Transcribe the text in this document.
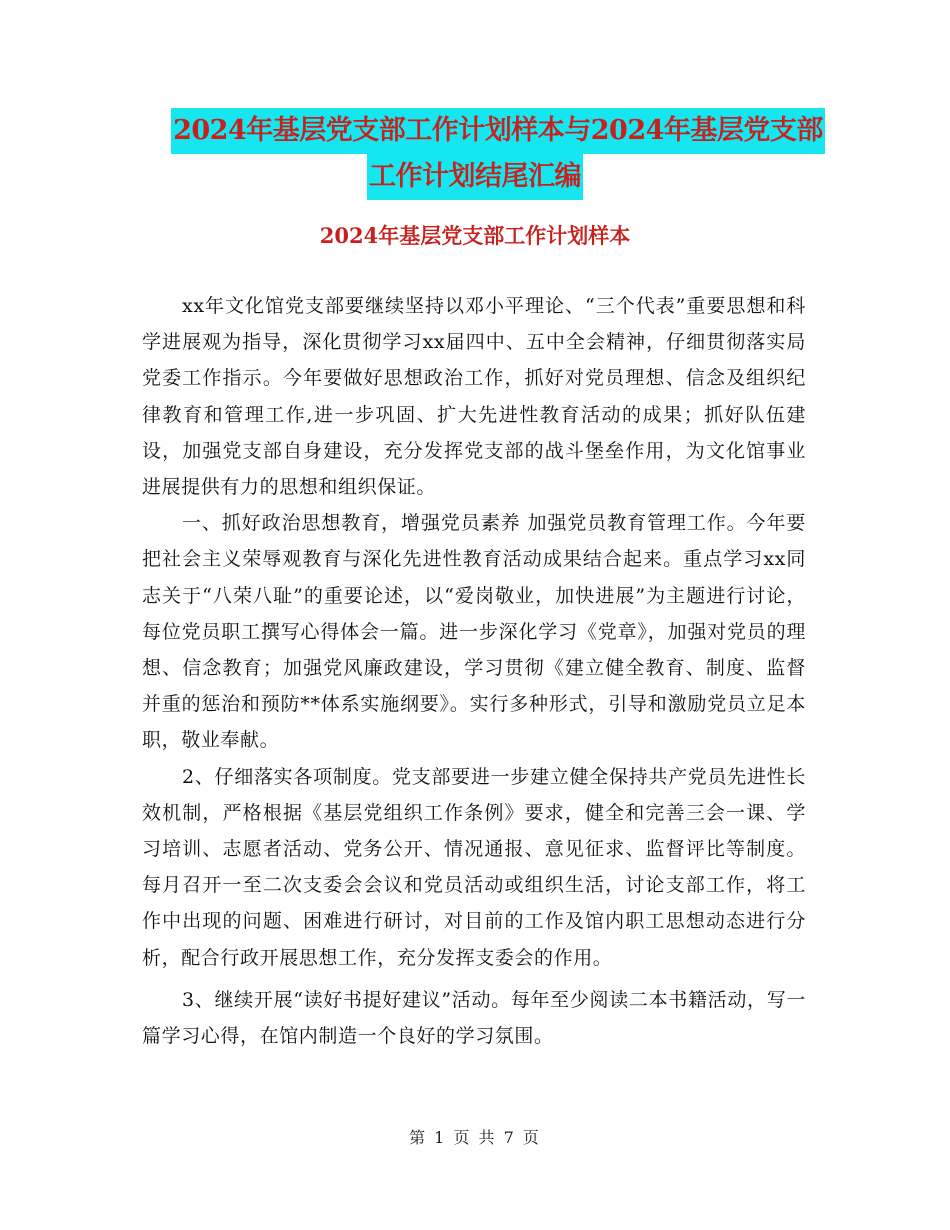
2024年基层党支部工作计划样本与2024年基层党支部
工作计划结尾汇编
2024年基层党支部工作计划样本

xx年文化馆党支部要继续坚持以邓小平理论、“三个代表”重要思想和科学进展观为指导，深化贯彻学习xx届四中、五中全会精神，仔细贯彻落实局党委工作指示。今年要做好思想政治工作，抓好对党员理想、信念及组织纪律教育和管理工作,进一步巩固、扩大先进性教育活动的成果；抓好队伍建设，加强党支部自身建设，充分发挥党支部的战斗堡垒作用，为文化馆事业进展提供有力的思想和组织保证。

一、抓好政治思想教育，增强党员素养 加强党员教育管理工作。今年要把社会主义荣辱观教育与深化先进性教育活动成果结合起来。重点学习xx同志关于“八荣八耻”的重要论述，以“爱岗敬业，加快进展”为主题进行讨论，每位党员职工撰写心得体会一篇。进一步深化学习《党章》，加强对党员的理想、信念教育；加强党风廉政建设，学习贯彻《建立健全教育、制度、监督并重的惩治和预防**体系实施纲要》。实行多种形式，引导和激励党员立足本职，敬业奉献。

2、仔细落实各项制度。党支部要进一步建立健全保持共产党员先进性长效机制，严格根据《基层党组织工作条例》要求，健全和完善三会一课、学习培训、志愿者活动、党务公开、情况通报、意见征求、监督评比等制度。每月召开一至二次支委会会议和党员活动或组织生活，讨论支部工作，将工作中出现的问题、困难进行研讨，对目前的工作及馆内职工思想动态进行分析，配合行政开展思想工作，充分发挥支委会的作用。

3、继续开展“读好书提好建议”活动。每年至少阅读二本书籍活动，写一篇学习心得，在馆内制造一个良好的学习氛围。

第 1 页 共 7 页
